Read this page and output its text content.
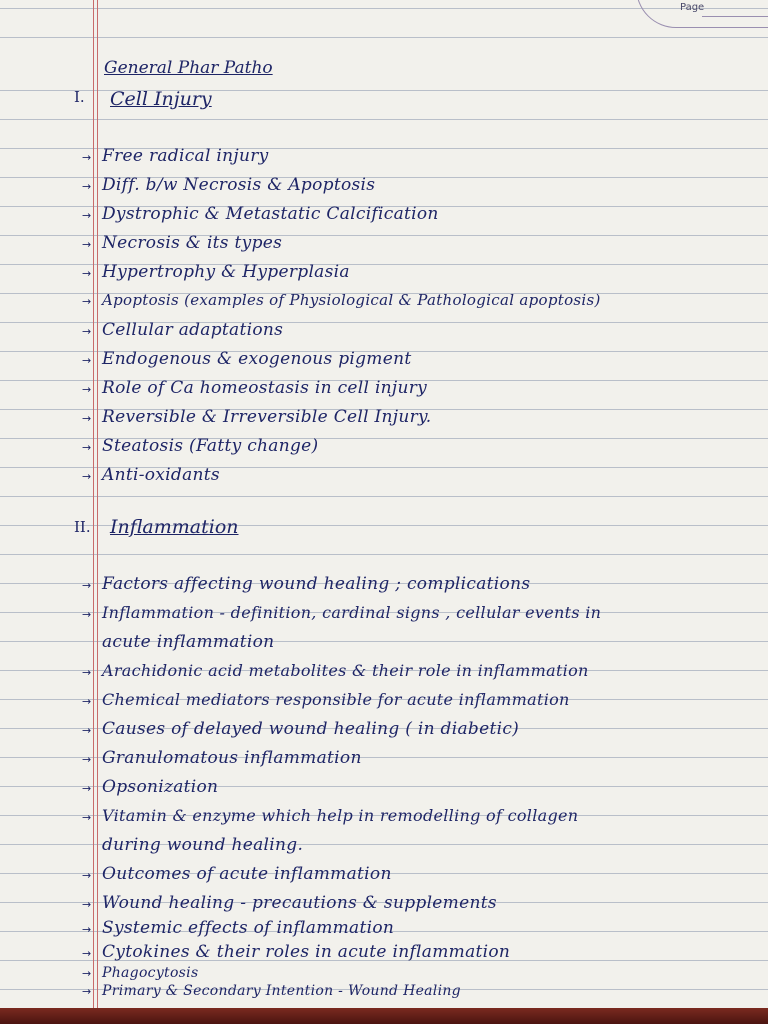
Page
General Phar Patho
I. Cell Injury
→ Free radical injury
→ Diff. b/w Necrosis & Apoptosis
→ Dystrophic & Metastatic Calcification
→ Necrosis & its types
→ Hypertrophy & Hyperplasia
→ Apoptosis (examples of Physiological & Pathological apoptosis)
→ Cellular adaptations
→ Endogenous & exogenous pigment
→ Role of Ca homeostasis in cell injury
→ Reversible & Irreversible Cell Injury.
→ Steatosis (Fatty change)
→ Anti-oxidants
II. Inflammation
→ Factors affecting wound healing ; complications
→ Inflammation - definition, cardinal signs , cellular events in
acute inflammation
→ Arachidonic acid metabolites & their role in inflammation
→ Chemical mediators responsible for acute inflammation
→ Causes of delayed wound healing ( in diabetic)
→ Granulomatous inflammation
→ Opsonization
→ Vitamin & enzyme which help in remodelling of collagen
during wound healing.
→ Outcomes of acute inflammation
→ Wound healing - precautions & supplements
→ Systemic effects of inflammation
→ Cytokines & their roles in acute inflammation
→ Phagocytosis
→ Primary & Secondary Intention - Wound Healing
